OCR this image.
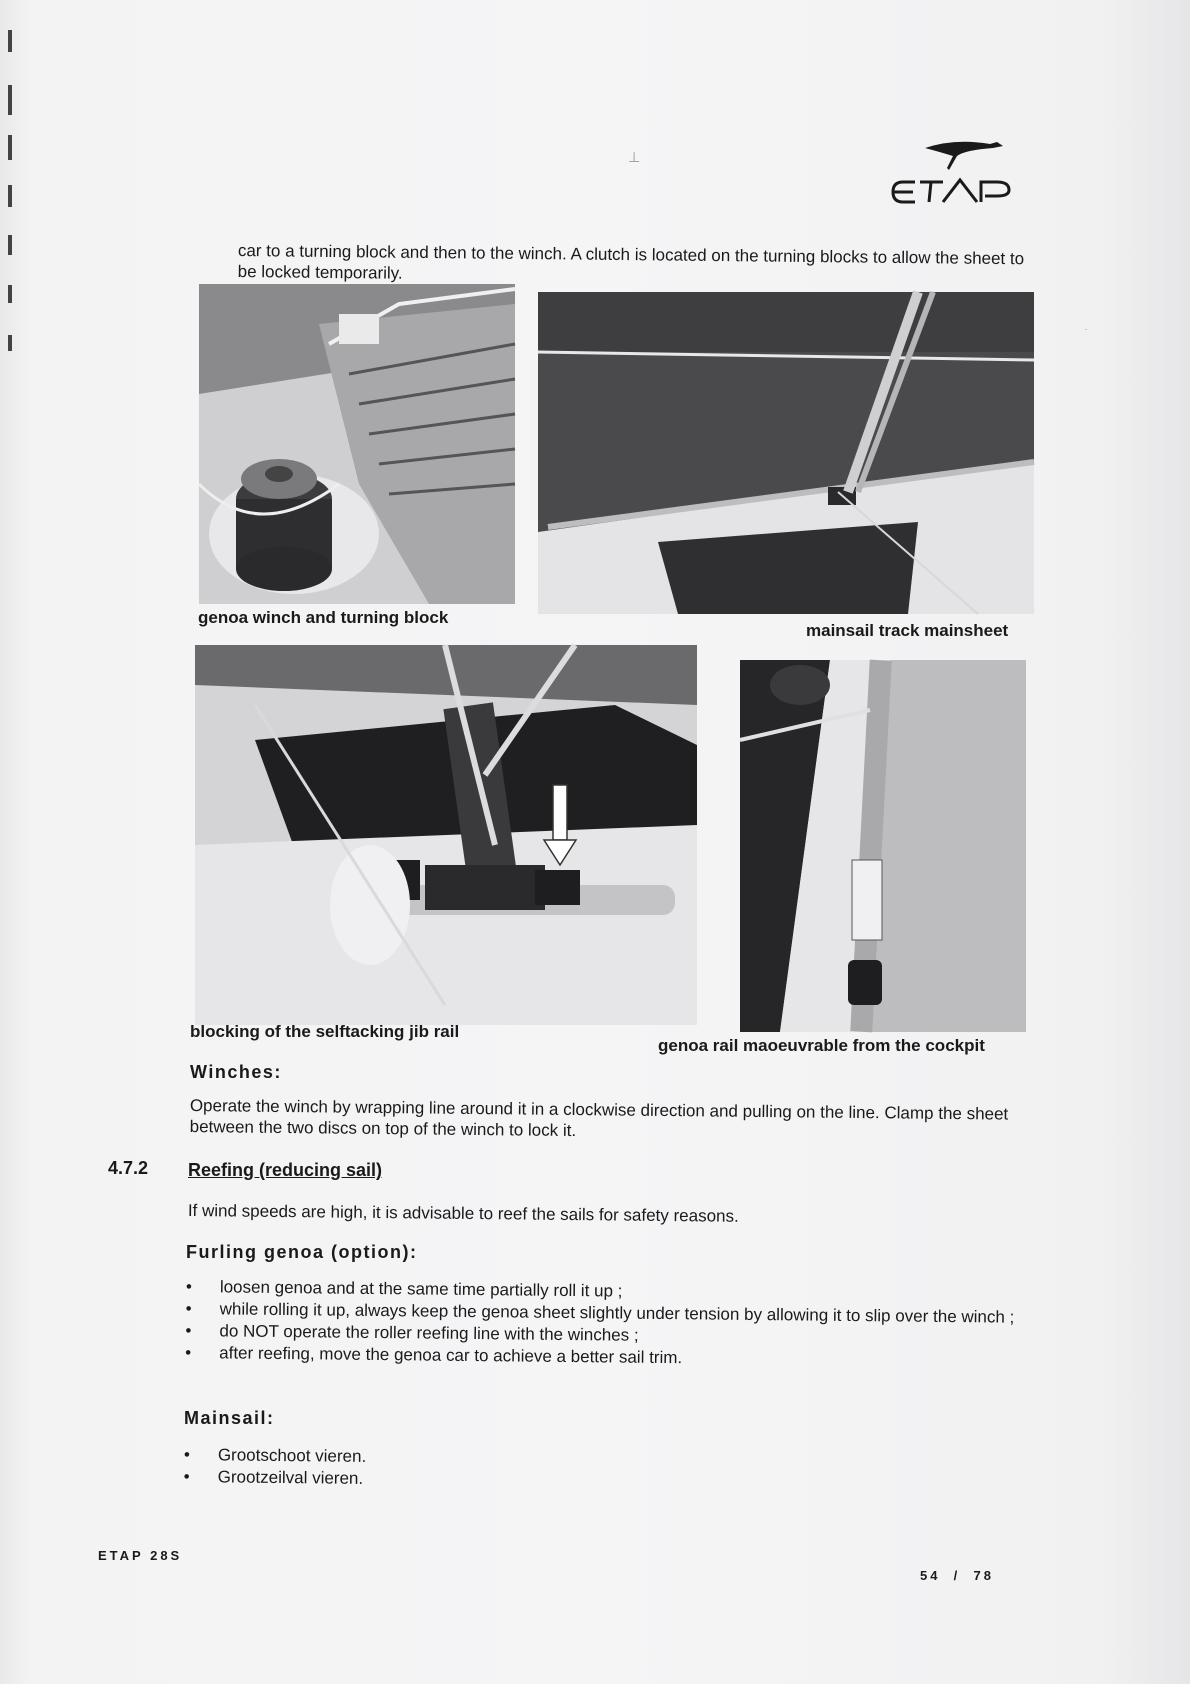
⊥
ETAP
car to a turning block and then to the winch. A clutch is located on the turning blocks to allow the sheet to be locked temporarily.
genoa winch and turning block
mainsail track mainsheet
blocking of the selftacking jib rail
genoa rail maoeuvrable from the cockpit
Winches:
Operate the winch by wrapping line around it in a clockwise direction and pulling on the line. Clamp the sheet between the two discs on top of the winch to lock it.
4.7.2 Reefing (reducing sail)
If wind speeds are high, it is advisable to reef the sails for safety reasons.
Furling genoa (option):
• loosen genoa and at the same time partially roll it up ;
• while rolling it up, always keep the genoa sheet slightly under tension by allowing it to slip over the winch ;
• do NOT operate the roller reefing line with the winches ;
• after reefing, move the genoa car to achieve a better sail trim.
Mainsail:
• Grootschoot vieren.
• Grootzeilval vieren.
ETAP 28S
54  /  78
